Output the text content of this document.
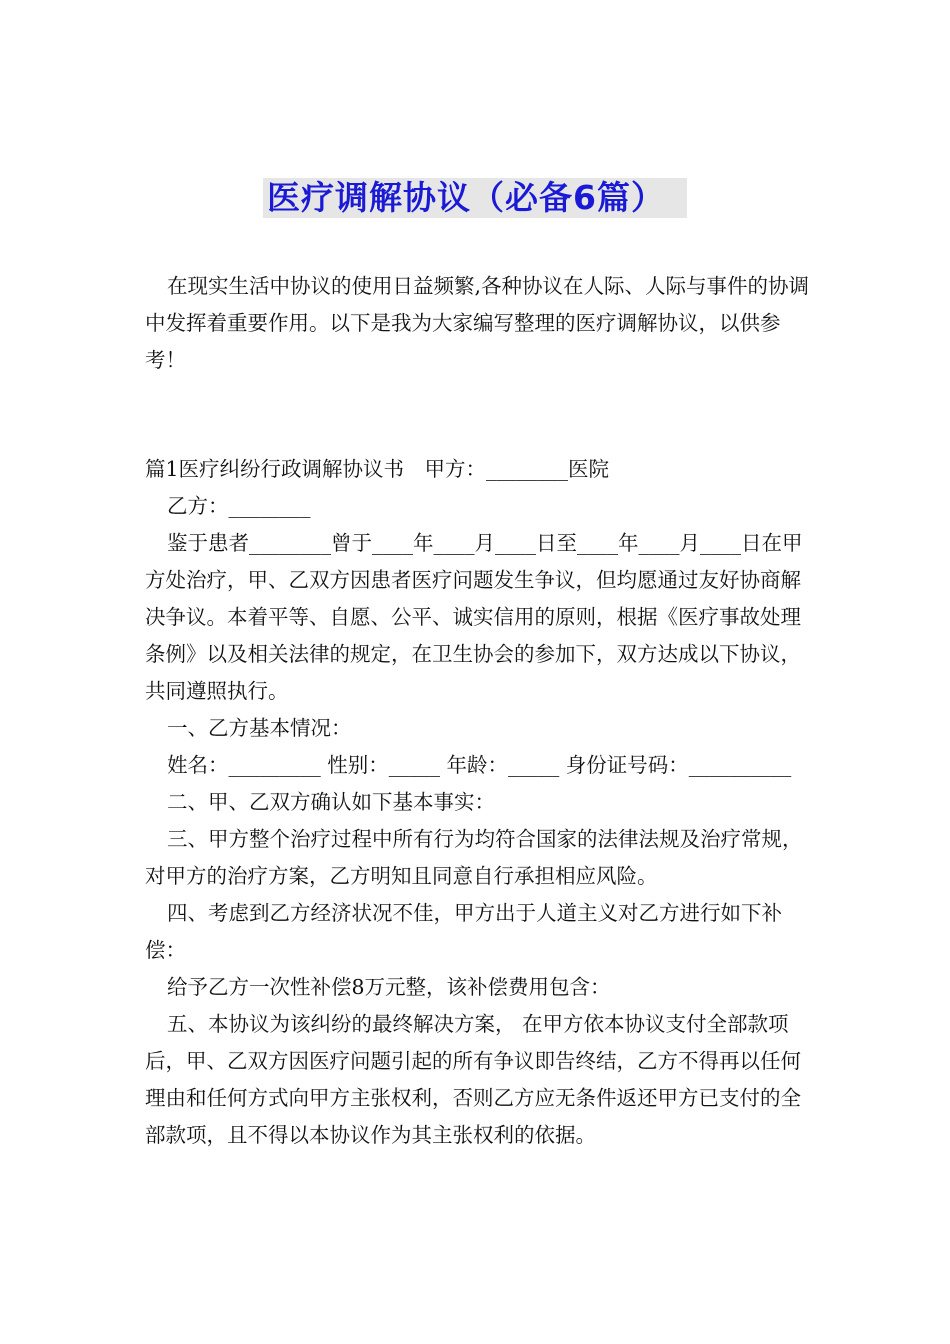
医疗调解协议（必备6篇）

在现实生活中协议的使用日益频繁,各种协议在人际、人际与事件的协调中发挥着重要作用。以下是我为大家编写整理的医疗调解协议，以供参考！

篇1医疗纠纷行政调解协议书　甲方：________医院

乙方：________

鉴于患者________曾于____年____月____日至____年____月____日在甲方处治疗，甲、乙双方因患者医疗问题发生争议，但均愿通过友好协商解决争议。本着平等、自愿、公平、诚实信用的原则，根据《医疗事故处理条例》以及相关法律的规定，在卫生协会的参加下，双方达成以下协议，共同遵照执行。

一、乙方基本情况：

姓名：_________ 性别：_____ 年龄：_____ 身份证号码：__________

二、甲、乙双方确认如下基本事实：

三、甲方整个治疗过程中所有行为均符合国家的法律法规及治疗常规，对甲方的治疗方案，乙方明知且同意自行承担相应风险。

四、考虑到乙方经济状况不佳，甲方出于人道主义对乙方进行如下补偿：

给予乙方一次性补偿8万元整，该补偿费用包含：

五、本协议为该纠纷的最终解决方案， 在甲方依本协议支付全部款项后，甲、乙双方因医疗问题引起的所有争议即告终结，乙方不得再以任何理由和任何方式向甲方主张权利，否则乙方应无条件返还甲方已支付的全部款项，且不得以本协议作为其主张权利的依据。
